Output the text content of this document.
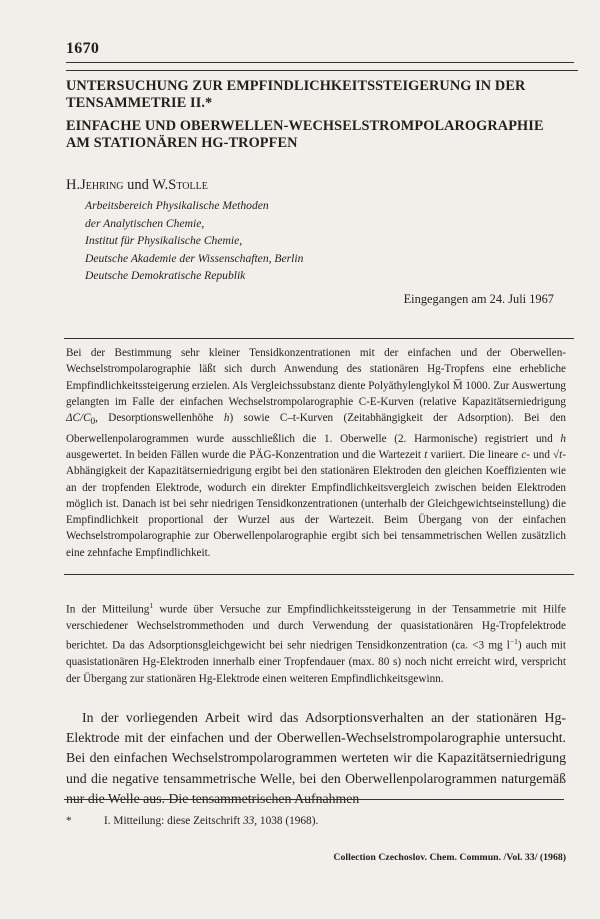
1670
UNTERSUCHUNG ZUR EMPFINDLICHKEITSSTEIGERUNG IN DER TENSAMMETRIE II.*
EINFACHE UND OBERWELLEN-WECHSELSTROMPOLAROGRAPHIE AM STATIONÄREN HG-TROPFEN
H.Jehring und W.Stolle
Arbeitsbereich Physikalische Methoden
der Analytischen Chemie,
Institut für Physikalische Chemie,
Deutsche Akademie der Wissenschaften, Berlin
Deutsche Demokratische Republik
Eingegangen am 24. Juli 1967
Bei der Bestimmung sehr kleiner Tensidkonzentrationen mit der einfachen und der Oberwellen-Wechselstrompolarographie läßt sich durch Anwendung des stationären Hg-Tropfens eine erhebliche Empfindlichkeitssteigerung erzielen. Als Vergleichssubstanz diente Polyäthylenglykol M̅ 1000. Zur Auswertung gelangten im Falle der einfachen Wechselstrompolarographie C-E-Kurven (relative Kapazitätserniedrigung $\Delta C/C_0$, Desorptionswellenhöhe h) sowie C–t-Kurven (Zeitabhängigkeit der Adsorption). Bei den Oberwellenpolarogrammen wurde ausschließlich die 1. Oberwelle (2. Harmonische) registriert und h ausgewertet. In beiden Fällen wurde die PÄG-Konzentration und die Wartezeit t variiert. Die lineare c- und √t-Abhängigkeit der Kapazitätserniedrigung ergibt bei den stationären Elektroden den gleichen Koeffizienten wie an der tropfenden Elektrode, wodurch ein direkter Empfindlichkeitsvergleich zwischen beiden Elektroden möglich ist. Danach ist bei sehr niedrigen Tensidkonzentrationen (unterhalb der Gleichgewichtseinstellung) die Empfindlichkeit proportional der Wurzel aus der Wartezeit. Beim Übergang von der einfachen Wechselstrompolarographie zur Oberwellenpolarographie ergibt sich bei tensammetrischen Wellen zusätzlich eine zehnfache Empfindlichkeit.
In der Mitteilung$^1$ wurde über Versuche zur Empfindlichkeitssteigerung in der Tensammetrie mit Hilfe verschiedener Wechselstrommethoden und durch Verwendung der quasistationären Hg-Tropfelektrode berichtet. Da das Adsorptionsgleichgewicht bei sehr niedrigen Tensidkonzentration (ca. <3 mg $l^{-1}$) auch mit quasistationären Hg-Elektroden innerhalb einer Tropfendauer (max. 80 s) noch nicht erreicht wird, verspricht der Übergang zur stationären Hg-Elektrode einen weiteren Empfindlichkeitsgewinn.
In der vorliegenden Arbeit wird das Adsorptionsverhalten an der stationären Hg-Elektrode mit der einfachen und der Oberwellen-Wechselstrompolarographie untersucht. Bei den einfachen Wechselstrompolarogrammen werteten wir die Kapazitätserniedrigung und die negative tensammetrische Welle, bei den Oberwellenpolarogrammen naturgemäß nur die Welle aus. Die tensammetrischen Aufnahmen
*	I. Mitteilung: diese Zeitschrift 33, 1038 (1968).
Collection Czechoslov. Chem. Commun. /Vol. 33/ (1968)
